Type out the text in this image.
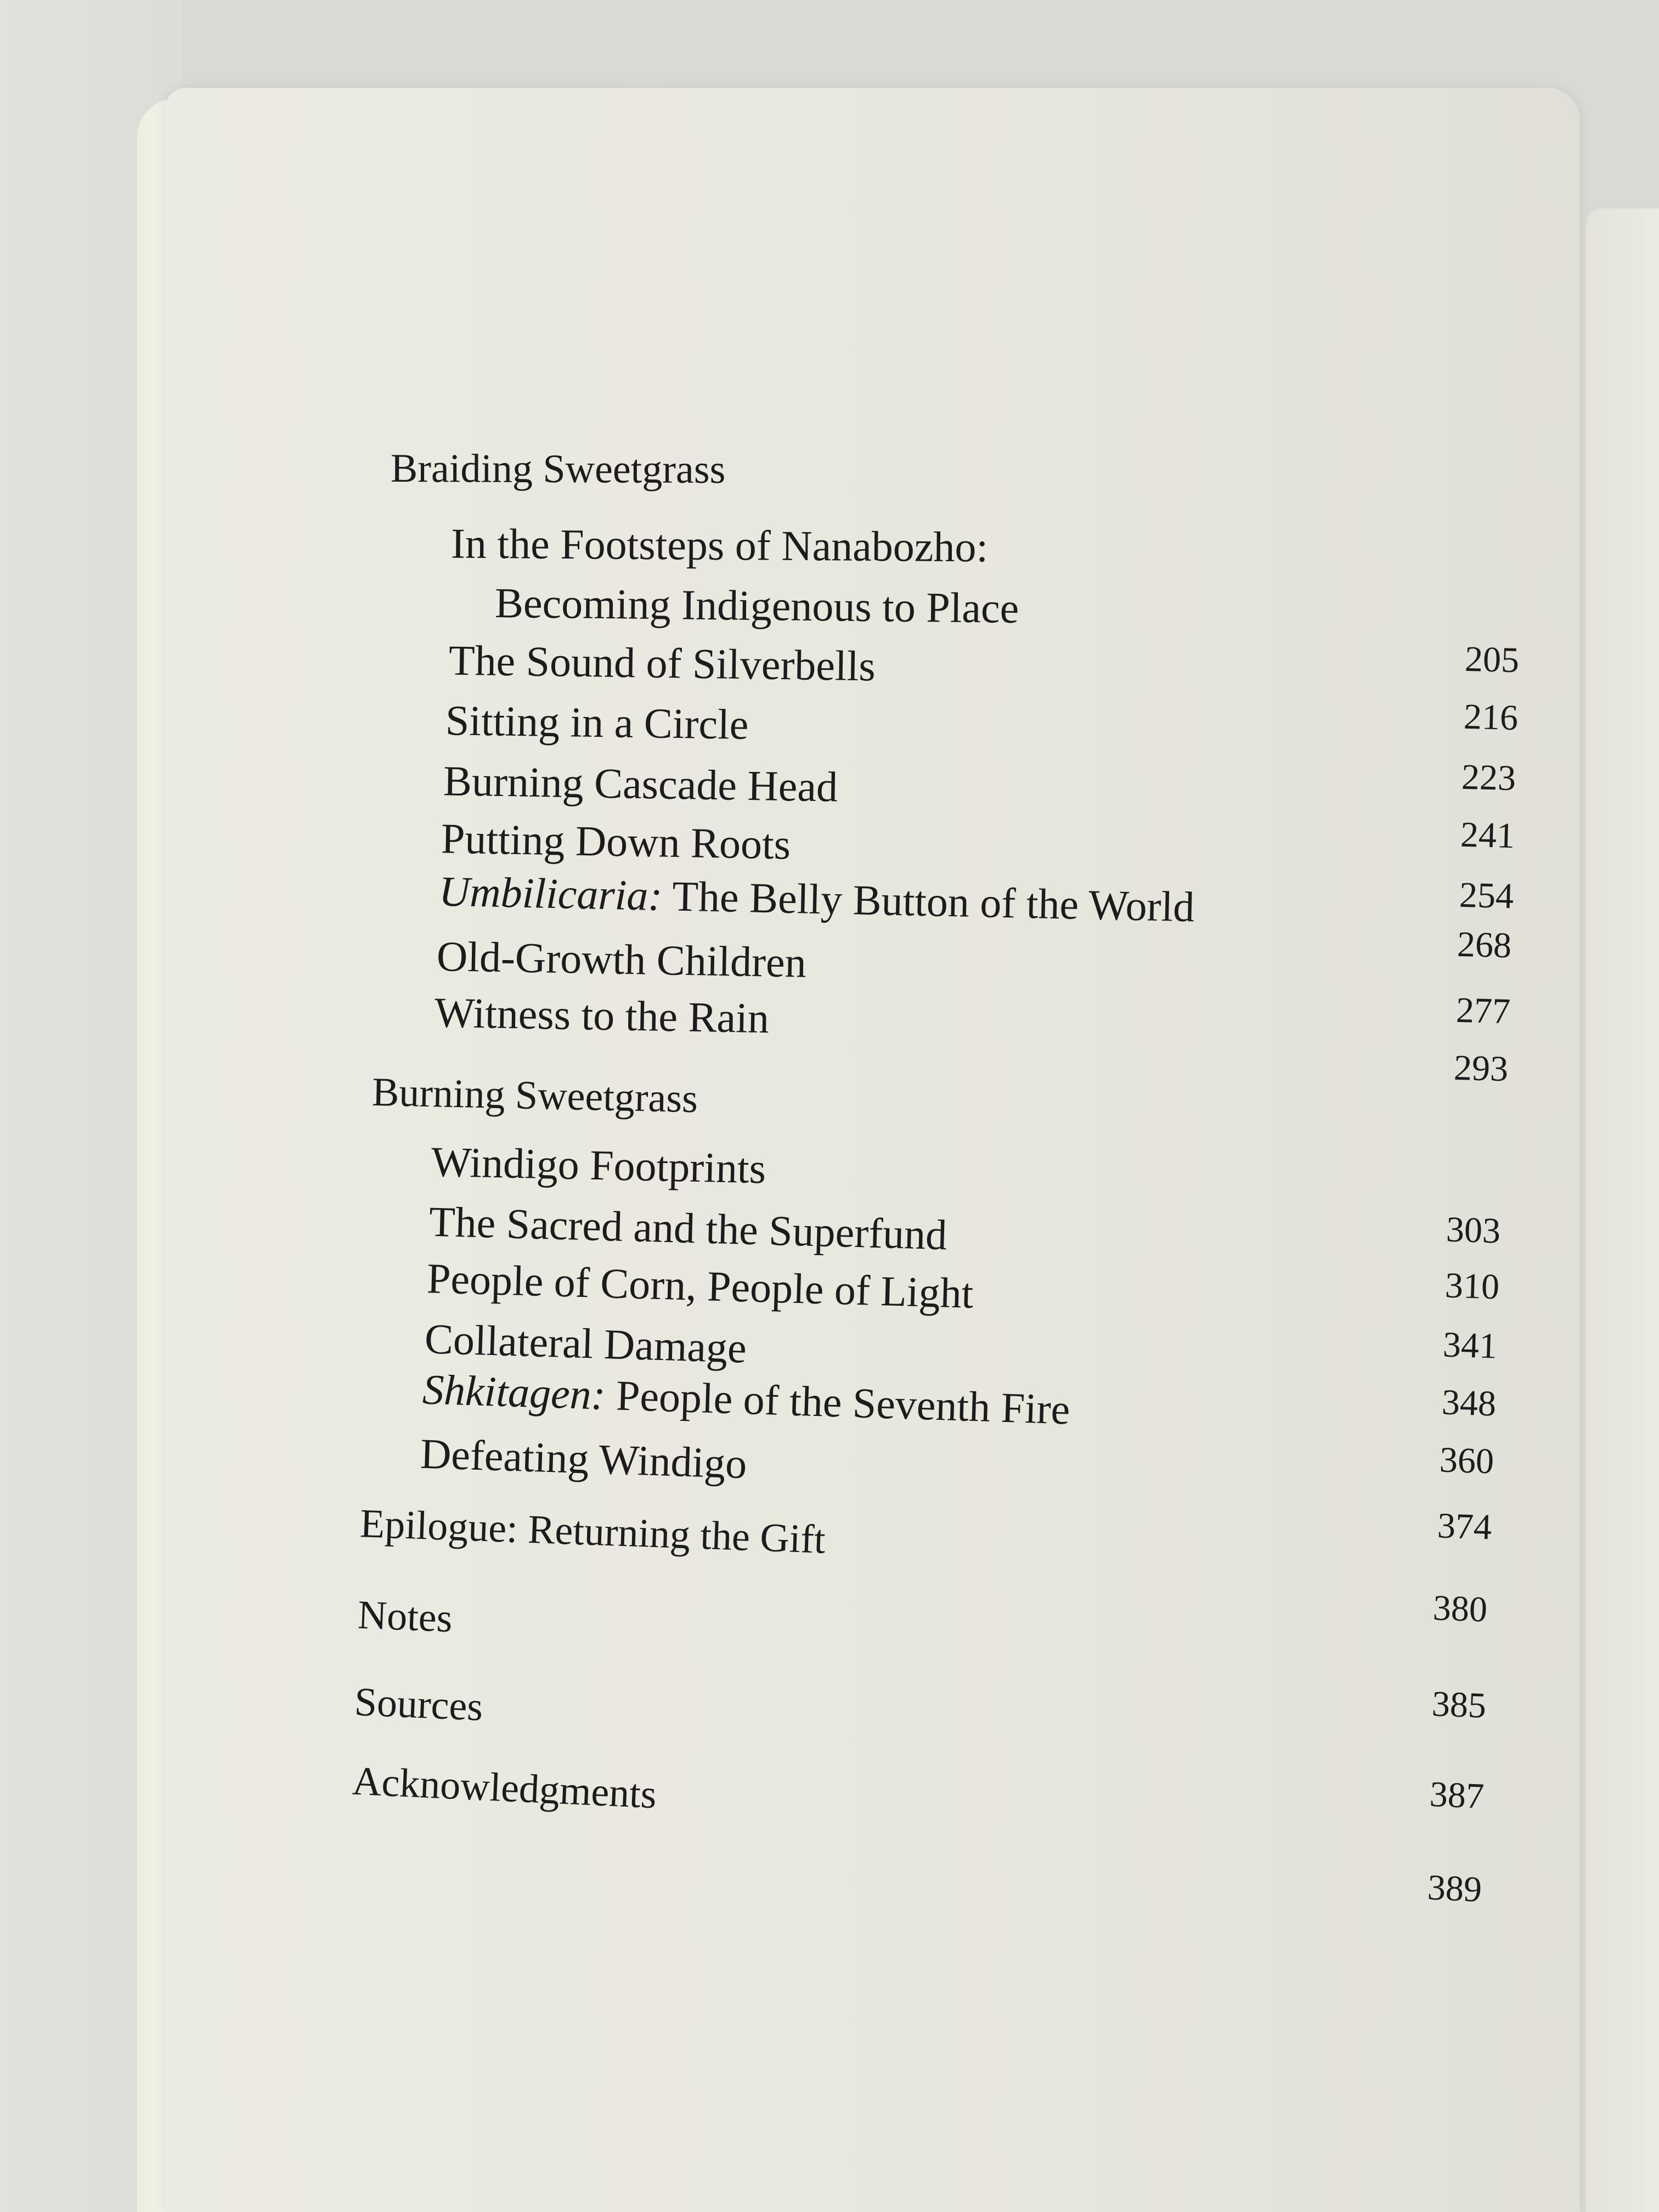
Braiding Sweetgrass
In the Footsteps of Nanabozho:
Becoming Indigenous to Place
The Sound of Silverbells
Sitting in a Circle
Burning Cascade Head
Putting Down Roots
Umbilicaria: The Belly Button of the World
Old-Growth Children
Witness to the Rain
205
216
223
241
254
268
277
293
Burning Sweetgrass
Windigo Footprints
The Sacred and the Superfund
People of Corn, People of Light
Collateral Damage
Shkitagen: People of the Seventh Fire
Defeating Windigo
303
310
341
348
360
374
Epilogue: Returning the Gift
380
Notes
385
Sources
387
Acknowledgments
389
